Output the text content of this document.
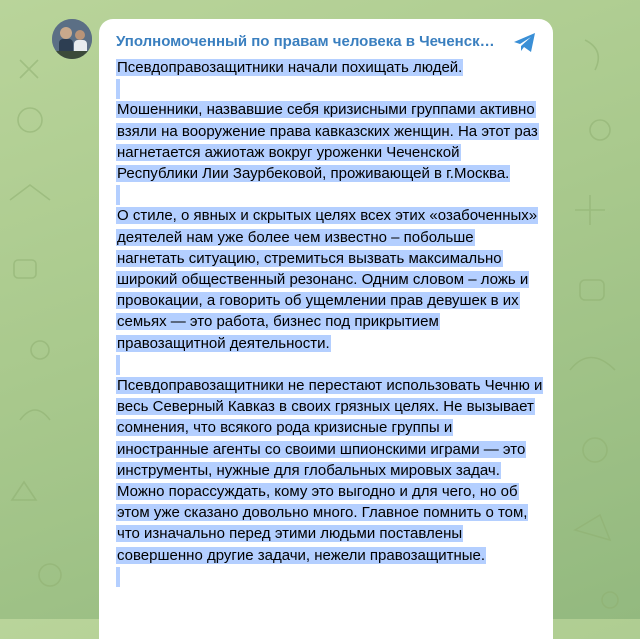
Уполномоченный по правам человека в Чеченск…

Псевдоправозащитники начали похищать людей.

Мошенники, назвавшие себя кризисными группами активно взяли на вооружение права кавказских женщин. На этот раз нагнетается ажиотаж вокруг уроженки Чеченской Республики Лии Заурбековой, проживающей в г.Москва.

О стиле, о явных и скрытых целях всех этих «озабоченных» деятелей нам уже более чем известно – побольше нагнетать ситуацию, стремиться вызвать максимально широкий общественный резонанс. Одним словом – ложь и провокации, а говорить об ущемлении прав девушек в их семьях — это работа, бизнес под прикрытием правозащитной деятельности.

Псевдоправозащитники не перестают использовать Чечню и весь Северный Кавказ в своих грязных целях. Не вызывает сомнения, что всякого рода кризисные группы и иностранные агенты со своими шпионскими играми — это инструменты, нужные для глобальных мировых задач. Можно порассуждать, кому это выгодно и для чего, но об этом уже сказано довольно много. Главное помнить о том, что изначально перед этими людьми поставлены совершенно другие задачи, нежели правозащитные.
